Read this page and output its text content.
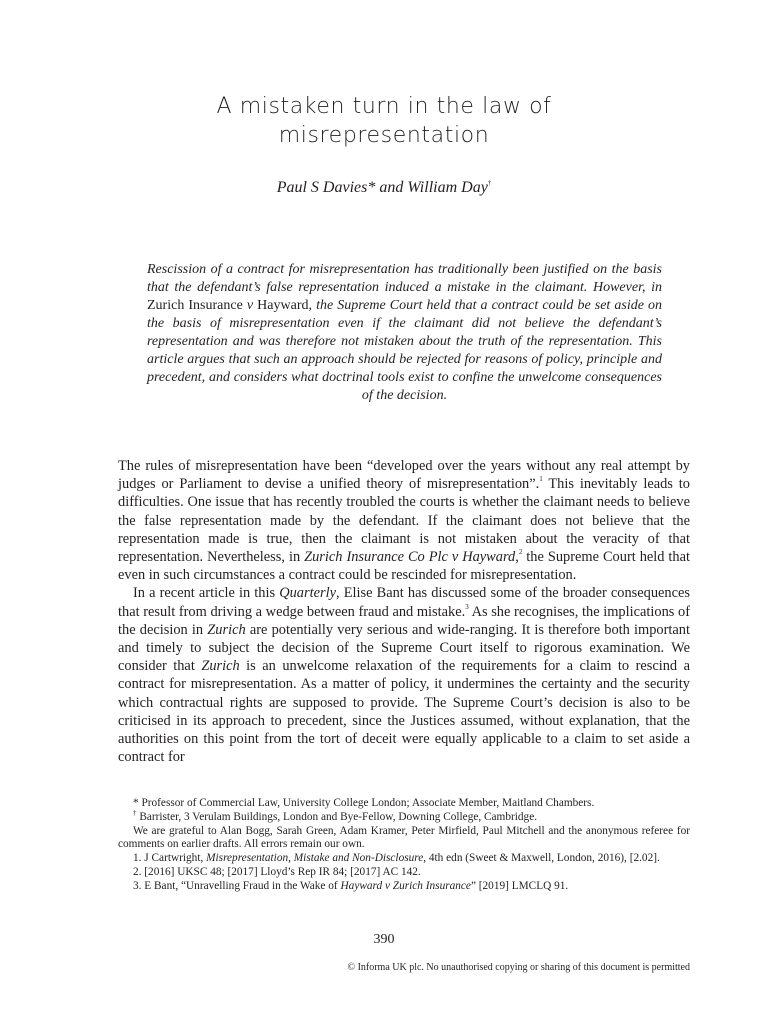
A mistaken turn in the law of
misrepresentation
Paul S Davies* and William Day†
Rescission of a contract for misrepresentation has traditionally been justified on the basis that the defendant’s false representation induced a mistake in the claimant. However, in Zurich Insurance v Hayward, the Supreme Court held that a contract could be set aside on the basis of misrepresentation even if the claimant did not believe the defendant’s representation and was therefore not mistaken about the truth of the representation. This article argues that such an approach should be rejected for reasons of policy, principle and precedent, and considers what doctrinal tools exist to confine the unwelcome consequences of the decision.

The rules of misrepresentation have been “developed over the years without any real attempt by judges or Parliament to devise a unified theory of misrepresentation”.$^1$ This inevitably leads to difficulties. One issue that has recently troubled the courts is whether the claimant needs to believe the false representation made by the defendant. If the claimant does not believe that the representation made is true, then the claimant is not mistaken about the veracity of that representation. Nevertheless, in Zurich Insurance Co Plc v Hayward,$^2$ the Supreme Court held that even in such circumstances a contract could be rescinded for misrepresentation.

In a recent article in this Quarterly, Elise Bant has discussed some of the broader consequences that result from driving a wedge between fraud and mistake.$^3$ As she recognises, the implications of the decision in Zurich are potentially very serious and wide-ranging. It is therefore both important and timely to subject the decision of the Supreme Court itself to rigorous examination. We consider that Zurich is an unwelcome relaxation of the requirements for a claim to rescind a contract for misrepresentation. As a matter of policy, it undermines the certainty and the security which contractual rights are supposed to provide. The Supreme Court’s decision is also to be criticised in its approach to precedent, since the Justices assumed, without explanation, that the authorities on this point from the tort of deceit were equally applicable to a claim to set aside a contract for

* Professor of Commercial Law, University College London; Associate Member, Maitland Chambers.

† Barrister, 3 Verulam Buildings, London and Bye-Fellow, Downing College, Cambridge.

We are grateful to Alan Bogg, Sarah Green, Adam Kramer, Peter Mirfield, Paul Mitchell and the anonymous referee for comments on earlier drafts. All errors remain our own.

1. J Cartwright, Misrepresentation, Mistake and Non-Disclosure, 4th edn (Sweet & Maxwell, London, 2016), [2.02].

2. [2016] UKSC 48; [2017] Lloyd’s Rep IR 84; [2017] AC 142.

3. E Bant, “Unravelling Fraud in the Wake of Hayward v Zurich Insurance” [2019] LMCLQ 91.

390
© Informa UK plc. No unauthorised copying or sharing of this document is permitted
